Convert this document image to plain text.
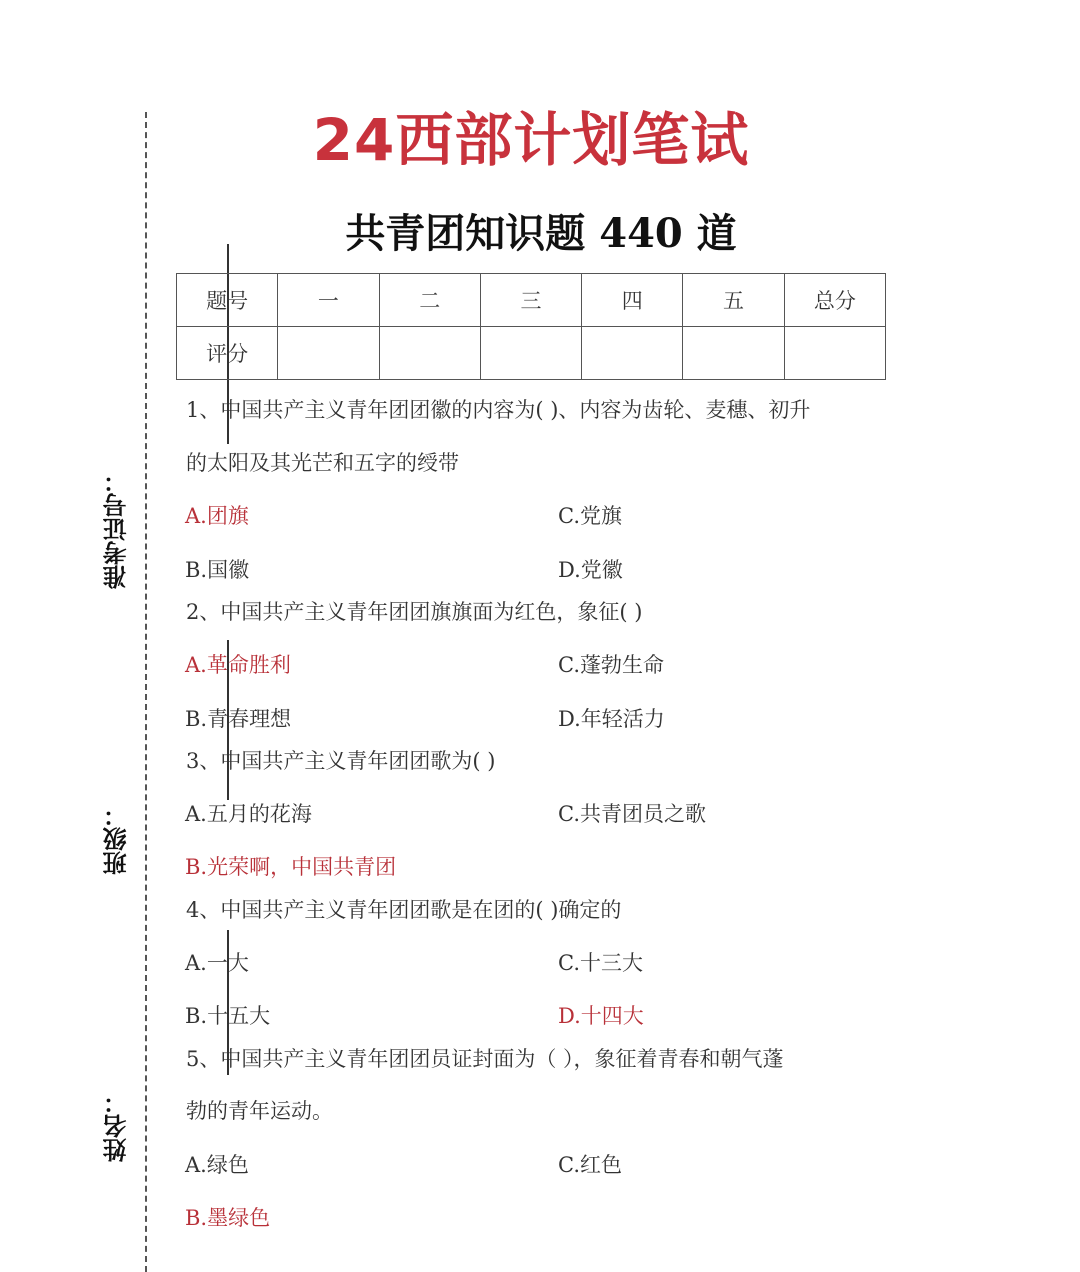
准考证号：
班级：
姓名：
24西部计划笔试
共青团知识题 440 道
题号	一	二	三	四	五	总分
评分						

1、中国共产主义青年团团徽的内容为( )、内容为齿轮、麦穗、初升

的太阳及其光芒和五字的绶带

A.团旗	C.党旗
B.国徽	D.党徽

2、中国共产主义青年团团旗旗面为红色，象征( )

A.革命胜利	C.蓬勃生命
B.青春理想	D.年轻活力

3、中国共产主义青年团团歌为( )

A.五月的花海	C.共青团员之歌
B.光荣啊，中国共青团

4、中国共产主义青年团团歌是在团的( )确定的

A.一大	C.十三大
B.十五大	D.十四大

5、中国共产主义青年团团员证封面为（ ），象征着青春和朝气蓬

勃的青年运动。

A.绿色	C.红色
B.墨绿色
